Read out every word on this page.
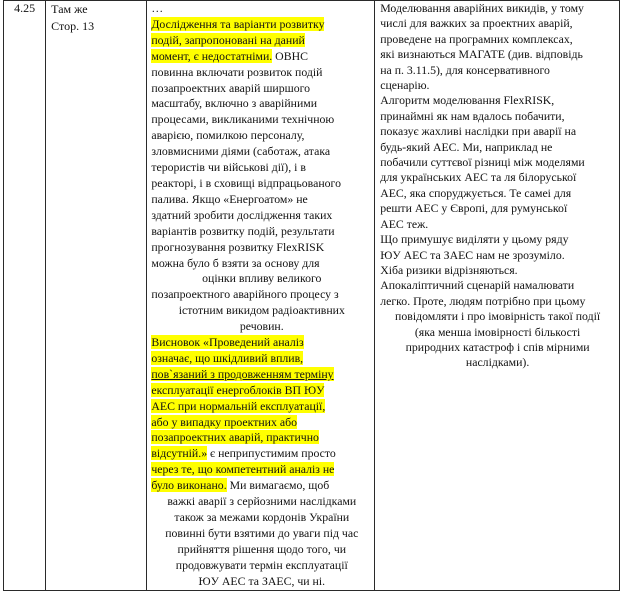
4.25	Там же
Стор. 13

…
Дослідження та варіанти розвитку
подій, запропоновані на даний
момент, є недостатніми. ОВНС
повинна включати розвиток подій
позапроектних аварій ширшого
масштабу, включно з аварійними
процесами, викликаними технічною
аварією, помилкою персоналу,
зловмисними діями (саботаж, атака
терористів чи військові дії), і в
реакторі, і в сховищі відпрацьованого
палива. Якщо «Енергоатом» не
здатний зробити дослідження таких
варіантів розвитку подій, результати
прогнозування розвитку FlexRISK
можна було б взяти за основу для
оцінки впливу великого
позапроектного аварійного процесу з
істотним викидом радіоактивних
речовин.
Висновок «Проведений аналіз
означає, що шкідливий вплив,
пов`язаний з продовженням терміну
експлуатації енергоблоків ВП ЮУ
АЕС при нормальній експлуатації,
або у випадку проектних або
позапроектних аварій, практично
відсутній.» є неприпустимим просто
через те, що компетентний аналіз не
було виконано. Ми вимагаємо, щоб
важкі аварії з серйозними наслідками
також за межами кордонів України
повинні бути взятими до уваги під час
прийняття рішення щодо того, чи
продовжувати термін експлуатації
ЮУ АЕС та ЗАЕС, чи ні.

Моделювання аварійних викидів, у тому
числі для важких за проектних аварій,
проведене на програмних комплексах,
які визнаються МАГАТЕ (див. відповідь
на п. 3.11.5), для консервативного
сценарію.
Алгоритм моделювання FlexRISK,
принаймні як нам вдалось побачити,
показує жахливі наслідки при аварії на
будь-який АЕС. Ми, наприклад не
побачили суттєвої різниці між моделями
для українських АЕС та ля білоруської
АЕС, яка споруджується. Те самеі для
решти АЕС у Європі, для румунської
АЕС теж.
Що примушує виділяти у цьому ряду
ЮУ АЕС та ЗАЕС нам не зрозуміло.
Хіба ризики відрізняються.
Апокаліптичний сценарій намалювати
легко. Проте, людям потрібно при цьому
повідомляти і про імовірність такої події
(яка менша імовірності бількості
природних катастроф і спів мірними
наслідками).
